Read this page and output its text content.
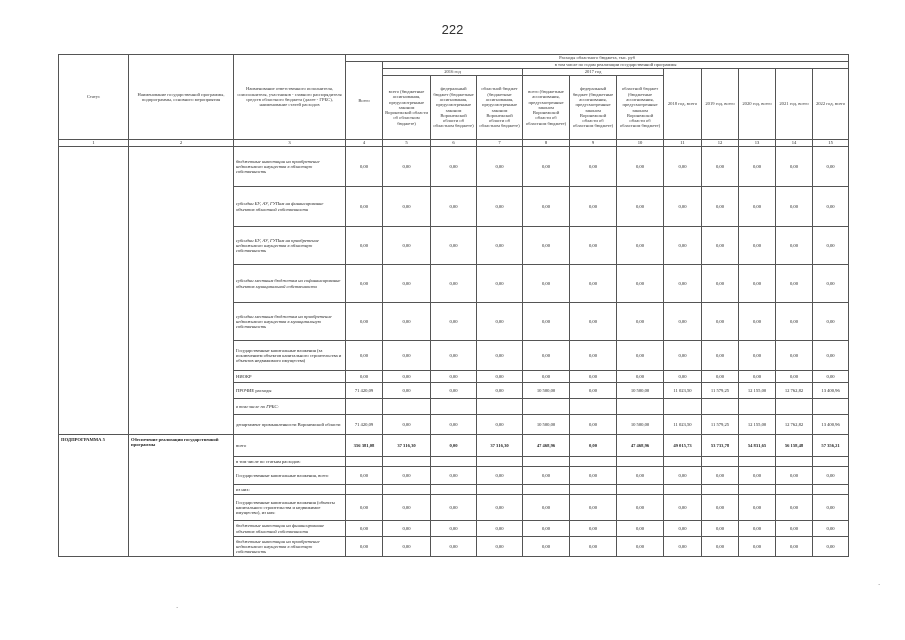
222
Статус	Наименование государственной программы, подпрограммы, основного мероприятия	Наименование ответственного исполнителя, соисполнителя, участников - главного распорядителя средств областного бюджета (далее - ГРБС), наименование статей расходов	Расходы областного бюджета, тыс. руб											
			Всего	в том числе по годам реализации государственной программы										
				2016 год			2017 год			2018 год, всего	2019 год, всего	2020 год, всего	2021 год, всего	2022 год, всего
				всего (бюджетные ассигнования, предусмотренные законом Воронежской области об областном бюджете)	федеральный бюджет (бюджетные ассигнования, предусмотренные законом Воронежской области об областном бюджете)	областной бюджет (бюджетные ассигнования, предусмотренные законом Воронежской области об областном бюджете)	всего (бюджетные ассигнования, предусмотренные законом Воронежской области об областном бюджете)	федеральный бюджет (бюджетные ассигнования, предусмотренные законом Воронежской области об областном бюджете)	областной бюджет (бюджетные ассигнования, предусмотренные законом Воронежской области об областном бюджете)					
1	2	3	4	5	6	7	8	9	10	11	12	13	14	15
		бюджетные инвестиции на приобретение недвижимого имущества в областную собственность	0,00	0,00	0,00	0,00	0,00	0,00	0,00	0,00	0,00	0,00	0,00	0,00
		субсидии БУ, АУ, ГУПам на финансирование объектов областной собственности	0,00	0,00	0,00	0,00	0,00	0,00	0,00	0,00	0,00	0,00	0,00	0,00
		субсидии БУ, АУ, ГУПам на приобретение недвижимого имущества в областную собственность	0,00	0,00	0,00	0,00	0,00	0,00	0,00	0,00	0,00	0,00	0,00	0,00
		субсидии местным бюджетам на софинансирование объектов муниципальной собственности	0,00	0,00	0,00	0,00	0,00	0,00	0,00	0,00	0,00	0,00	0,00	0,00
		субсидии местным бюджетам на приобретение недвижимого имущества в муниципальную собственность	0,00	0,00	0,00	0,00	0,00	0,00	0,00	0,00	0,00	0,00	0,00	0,00
		Государственные капитальные вложения (за исключением объектов капитального строительства и объектов недвижимого имущества)	0,00	0,00	0,00	0,00	0,00	0,00	0,00	0,00	0,00	0,00	0,00	0,00
		НИОКР	0,00	0,00	0,00	0,00	0,00	0,00	0,00	0,00	0,00	0,00	0,00	0,00
		ПРОЧИЕ расходы	71 420,09	0,00	0,00	0,00	10 500,00	0,00	10 500,00	11 023,50	11 579,25	12 155,00	12 762,82	13 400,96
		в том числе по ГРБС:												
		департамент промышленности Воронежской области	71 420,09	0,00	0,00	0,00	10 500,00	0,00	10 500,00	11 023,50	11 579,25	12 155,00	12 762,82	13 400,96
ПОДПРОГРАММА 5	Обеспечение реализации государственной программы	всего	356 381,08	37 316,30	0,00	37 316,30	47 468,96	0,00	47 468,96	49 015,73	53 733,78	54 831,65	56 158,48	57 356,21
		в том числе по статьям расходов:												
		Государственные капитальные вложения, всего	0,00	0,00	0,00	0,00	0,00	0,00	0,00	0,00	0,00	0,00	0,00	0,00
		из них:												
		Государственные капитальные вложения (объекты капитального строительства и недвижимое имущество), из них:	0,00	0,00	0,00	0,00	0,00	0,00	0,00	0,00	0,00	0,00	0,00	0,00
		бюджетные инвестиции на финансирование объектов областной собственности	0,00	0,00	0,00	0,00	0,00	0,00	0,00	0,00	0,00	0,00	0,00	0,00
		бюджетные инвестиции на приобретение недвижимого имущества в областную собственность	0,00	0,00	0,00	0,00	0,00	0,00	0,00	0,00	0,00	0,00	0,00	0,00
.
.
